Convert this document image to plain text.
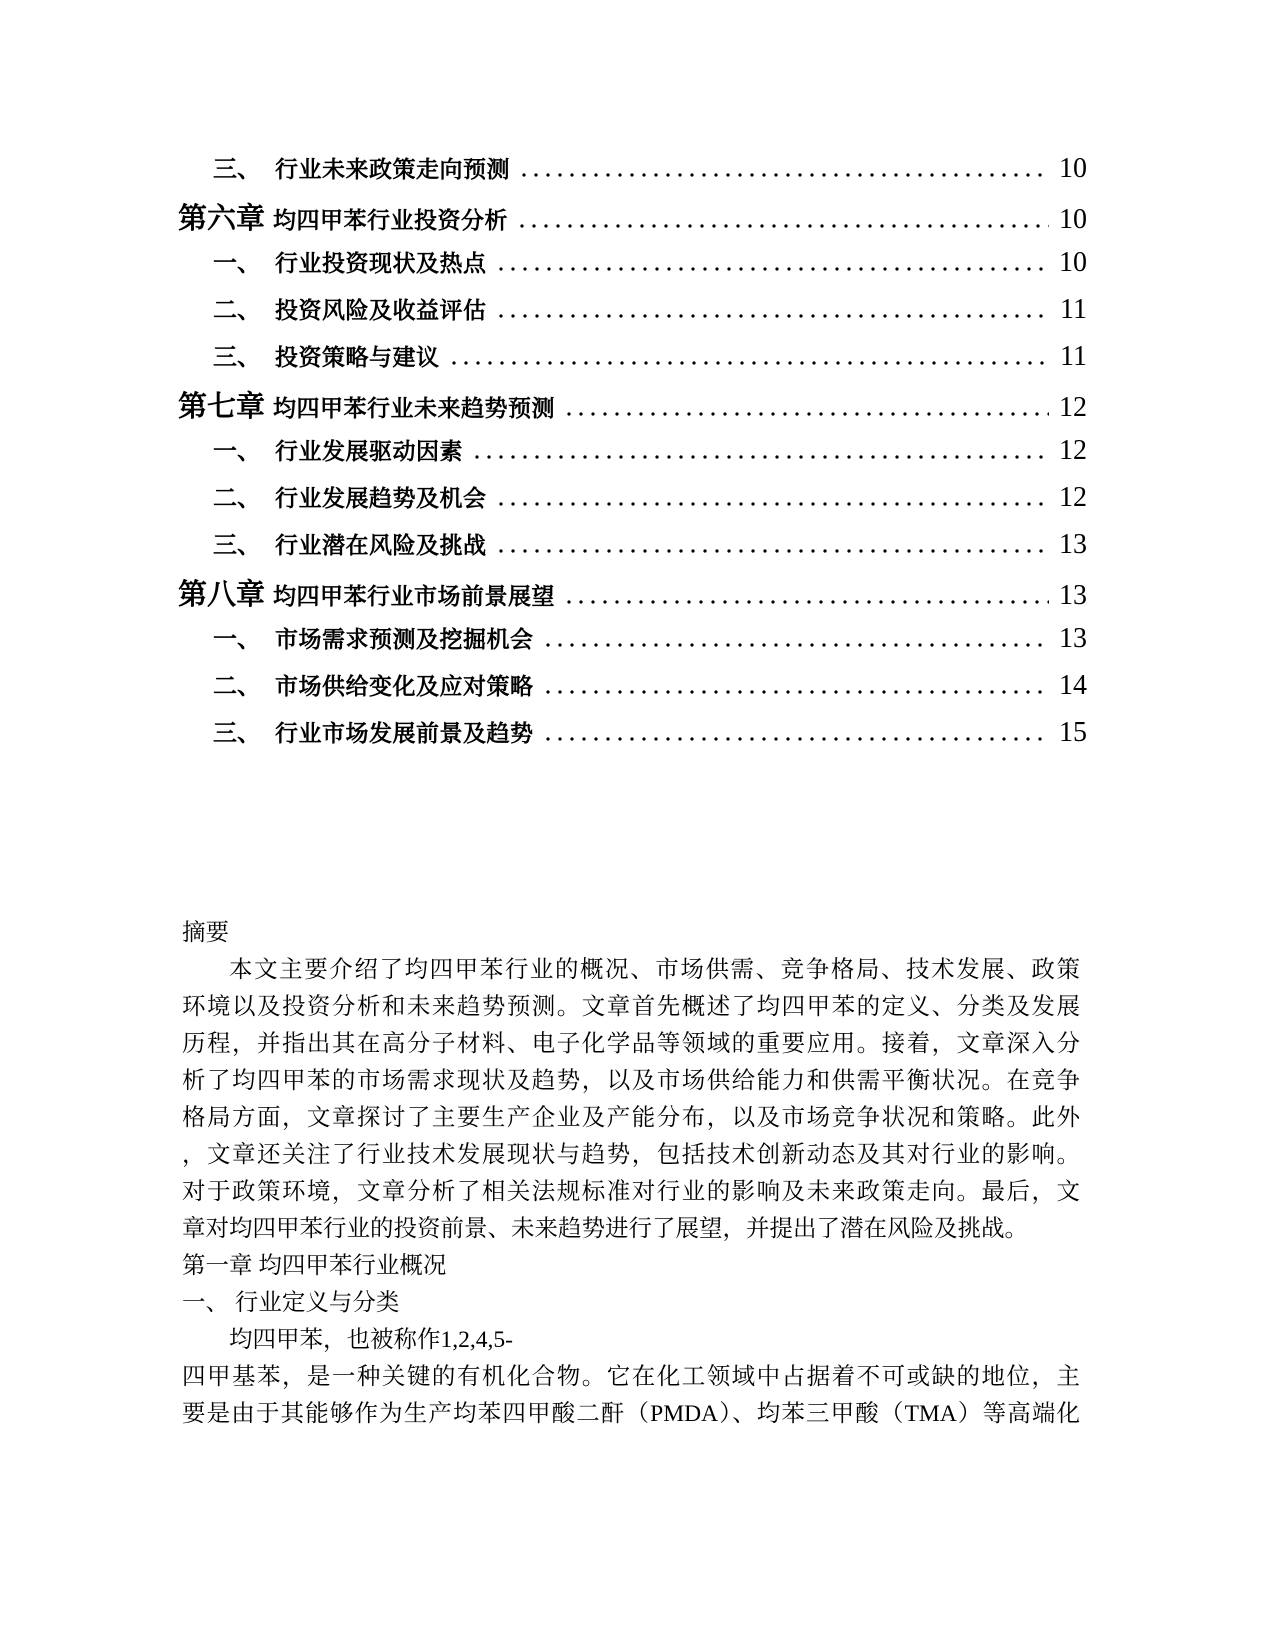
三、 行业未来政策走向预测	10
第六章 均四甲苯行业投资分析	10
一、 行业投资现状及热点	10
二、 投资风险及收益评估	11
三、 投资策略与建议	11
第七章 均四甲苯行业未来趋势预测	12
一、 行业发展驱动因素	12
二、 行业发展趋势及机会	12
三、 行业潜在风险及挑战	13
第八章 均四甲苯行业市场前景展望	13
一、 市场需求预测及挖掘机会	13
二、 市场供给变化及应对策略	14
三、 行业市场发展前景及趋势	15
摘要
本文主要介绍了均四甲苯行业的概况、市场供需、竞争格局、技术发展、政策
环境以及投资分析和未来趋势预测。文章首先概述了均四甲苯的定义、分类及发展
历程，并指出其在高分子材料、电子化学品等领域的重要应用。接着，文章深入分
析了均四甲苯的市场需求现状及趋势，以及市场供给能力和供需平衡状况。在竞争
格局方面，文章探讨了主要生产企业及产能分布，以及市场竞争状况和策略。此外
，文章还关注了行业技术发展现状与趋势，包括技术创新动态及其对行业的影响。
对于政策环境，文章分析了相关法规标准对行业的影响及未来政策走向。最后，文
章对均四甲苯行业的投资前景、未来趋势进行了展望，并提出了潜在风险及挑战。
第一章 均四甲苯行业概况
一、 行业定义与分类
均四甲苯，也被称作1,2,4,5-
四甲基苯，是一种关键的有机化合物。它在化工领域中占据着不可或缺的地位，主
要是由于其能够作为生产均苯四甲酸二酐（PMDA）、均苯三甲酸（TMA）等高端化
